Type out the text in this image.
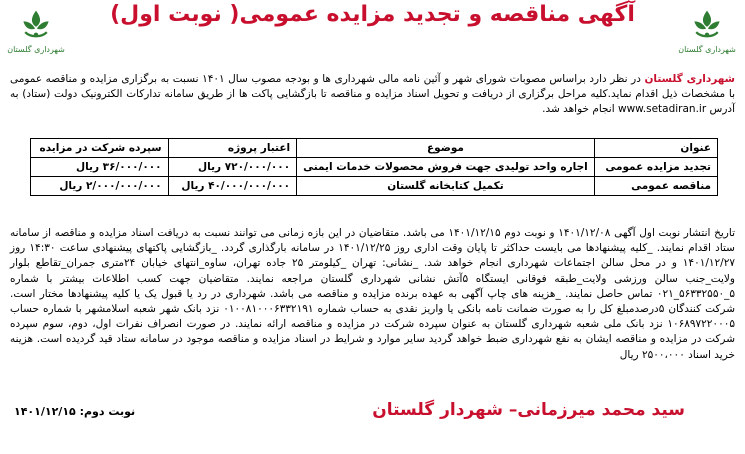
شهرداری گلستان	شهرداری گلستان
آگهی مناقصه و تجدید مزایده عمومی( نوبت اول)
شهرداری گلستان در نظر دارد براساس مصوبات شورای شهر و آئین نامه مالی شهرداری ها و بودجه مصوب سال ۱۴۰۱ نسبت به برگزاری مزایده و مناقصه عمومی با مشخصات ذیل اقدام نماید.کلیه مراحل برگزاری از دریافت و تحویل اسناد مزایده و مناقصه تا بازگشایی پاکت ها از طریق سامانه تدارکات الکترونیک دولت (ستاد) به آدرس www.setadiran.ir انجام خواهد شد.
عنوان	موضوع	اعتبار پروژه	سپرده شرکت در مزایده
تجدید مزایده عمومی	اجاره واحد تولیدی جهت فروش محصولات خدمات ایمنی	۷۲۰/۰۰۰/۰۰۰ ریال	۳۶/۰۰۰/۰۰۰ ریال
مناقصه عمومی	تکمیل کتابخانه گلستان	۴۰/۰۰۰/۰۰۰/۰۰۰ ریال	۲/۰۰۰/۰۰۰/۰۰۰ ریال
تاریخ انتشار نوبت اول آگهی ۱۴۰۱/۱۲/۰۸ و نوبت دوم ۱۴۰۱/۱۲/۱۵ می باشد. متقاضیان در این بازه زمانی می توانند نسبت به دریافت اسناد مزایده و مناقصه از سامانه ستاد اقدام نمایند. _کلیه پیشنهادها می بایست حداکثر تا پایان وقت اداری روز ۱۴۰۱/۱۲/۲۵ در سامانه بارگذاری گردد. _بازگشایی پاکتهای پیشنهادی ساعت ۱۴:۳۰ روز ۱۴۰۱/۱۲/۲۷ و در محل سالن اجتماعات شهرداری انجام خواهد شد. _نشانی: تهران _کیلومتر ۲۵ جاده تهران، ساوه_انتهای خیابان ۲۴متری جمران_تقاطع بلوار ولایت_جنب سالن ورزشی ولایت_طبقه فوقانی ایستگاه ۵آتش نشانی شهرداری گلستان مراجعه نمایند. متقاضیان جهت کسب اطلاعات بیشتر با شماره ۵_۵۶۳۳۲۵۵۰_۰۲۱ تماس حاصل نمایند. _هزینه های چاپ آگهی به عهده برنده مزایده و مناقصه می باشد. شهرداری در رد یا قبول یک یا کلیه پیشنهادها مختار است. شرکت کنندگان ۵درصدمبلغ کل را به صورت ضمانت نامه بانکی یا واریز نقدی به حساب شماره ۰۱۰۰۸۱۰۰۰۶۳۳۲۱۹۱ نزد بانک شهر شعبه اسلامشهر با شماره حساب ۱۰۶۸۹۷۲۲۰۰۰۵ نزد بانک ملی شعبه شهرداری گلستان به عنوان سپرده شرکت در مزایده و مناقصه ارائه نمایند. در صورت انصراف نفرات اول، دوم، سوم سپرده شرکت در مزایده و مناقصه ایشان به نفع شهرداری ضبط خواهد گردید سایر موارد و شرایط در اسناد مزایده و مناقصه موجود در سامانه ستاد قید گردیده است. هزینه خرید اسناد ۲۵۰۰،۰۰۰ ریال
سید محمد میرزمانی– شهردار گلستان
نوبت دوم: ۱۴۰۱/۱۲/۱۵
